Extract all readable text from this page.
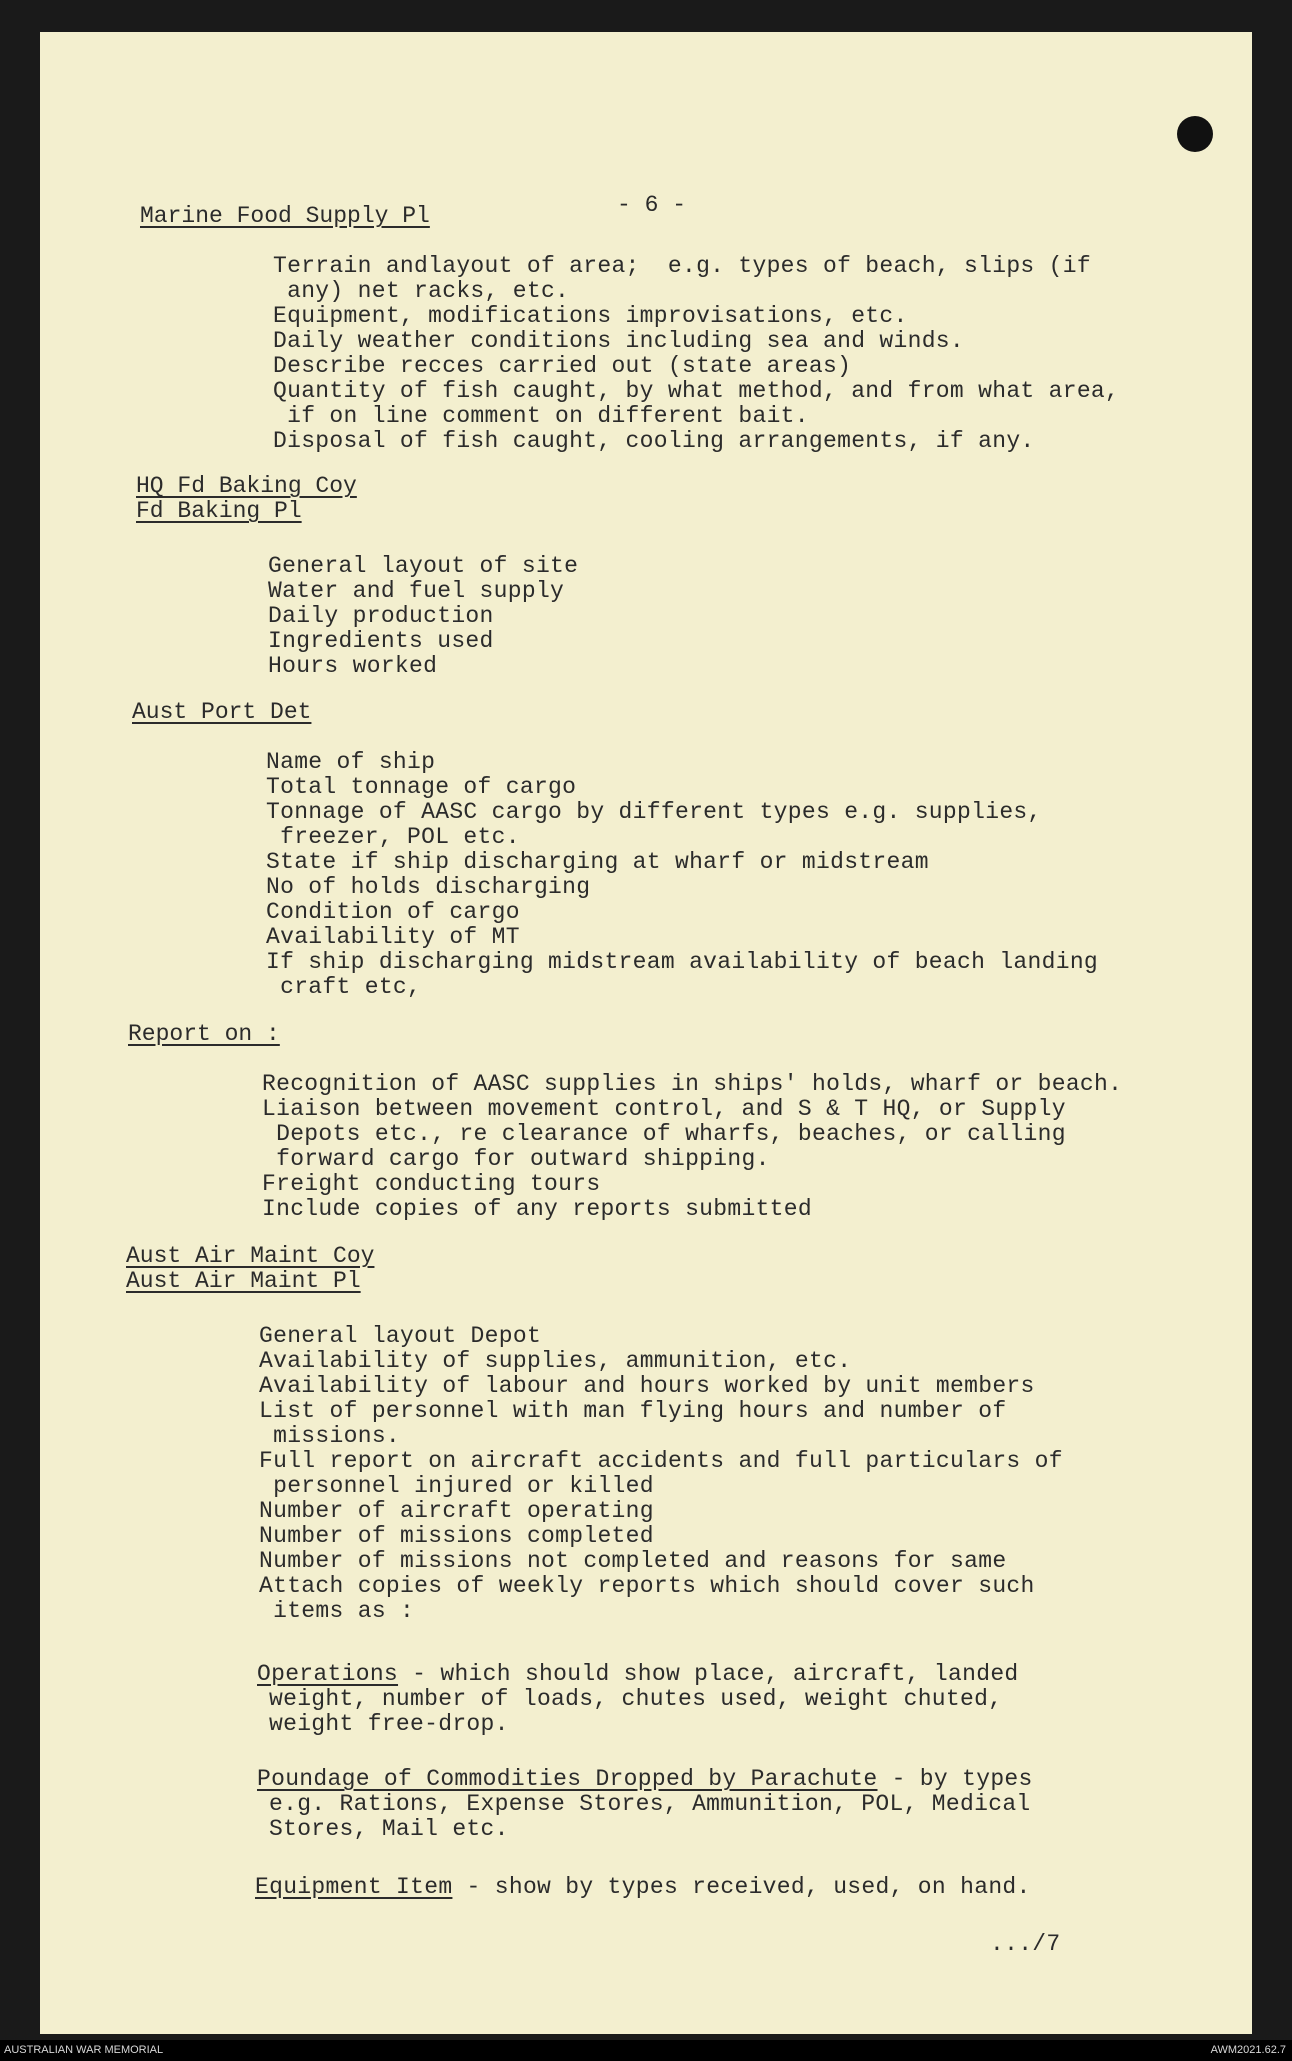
- 6 -
Marine Food Supply Pl
Terrain andlayout of area;  e.g. types of beach, slips (if
any) net racks, etc.
Equipment, modifications improvisations, etc.
Daily weather conditions including sea and winds.
Describe recces carried out (state areas)
Quantity of fish caught, by what method, and from what area,
if on line comment on different bait.
Disposal of fish caught, cooling arrangements, if any.
HQ Fd Baking Coy
Fd Baking Pl
General layout of site
Water and fuel supply
Daily production
Ingredients used
Hours worked
Aust Port Det
Name of ship
Total tonnage of cargo
Tonnage of AASC cargo by different types e.g. supplies,
freezer, POL etc.
State if ship discharging at wharf or midstream
No of holds discharging
Condition of cargo
Availability of MT
If ship discharging midstream availability of beach landing
craft etc,
Report on :
Recognition of AASC supplies in ships' holds, wharf or beach.
Liaison between movement control, and S & T HQ, or Supply
Depots etc., re clearance of wharfs, beaches, or calling
forward cargo for outward shipping.
Freight conducting tours
Include copies of any reports submitted
Aust Air Maint Coy
Aust Air Maint Pl
General layout Depot
Availability of supplies, ammunition, etc.
Availability of labour and hours worked by unit members
List of personnel with man flying hours and number of
missions.
Full report on aircraft accidents and full particulars of
personnel injured or killed
Number of aircraft operating
Number of missions completed
Number of missions not completed and reasons for same
Attach copies of weekly reports which should cover such
items as :
Operations - which should show place, aircraft, landed
weight, number of loads, chutes used, weight chuted,
weight free-drop.
Poundage of Commodities Dropped by Parachute - by types
e.g. Rations, Expense Stores, Ammunition, POL, Medical
Stores, Mail etc.
Equipment Item - show by types received, used, on hand.
.../7
AUSTRALIAN WAR MEMORIAL	AWM2021.62.7
